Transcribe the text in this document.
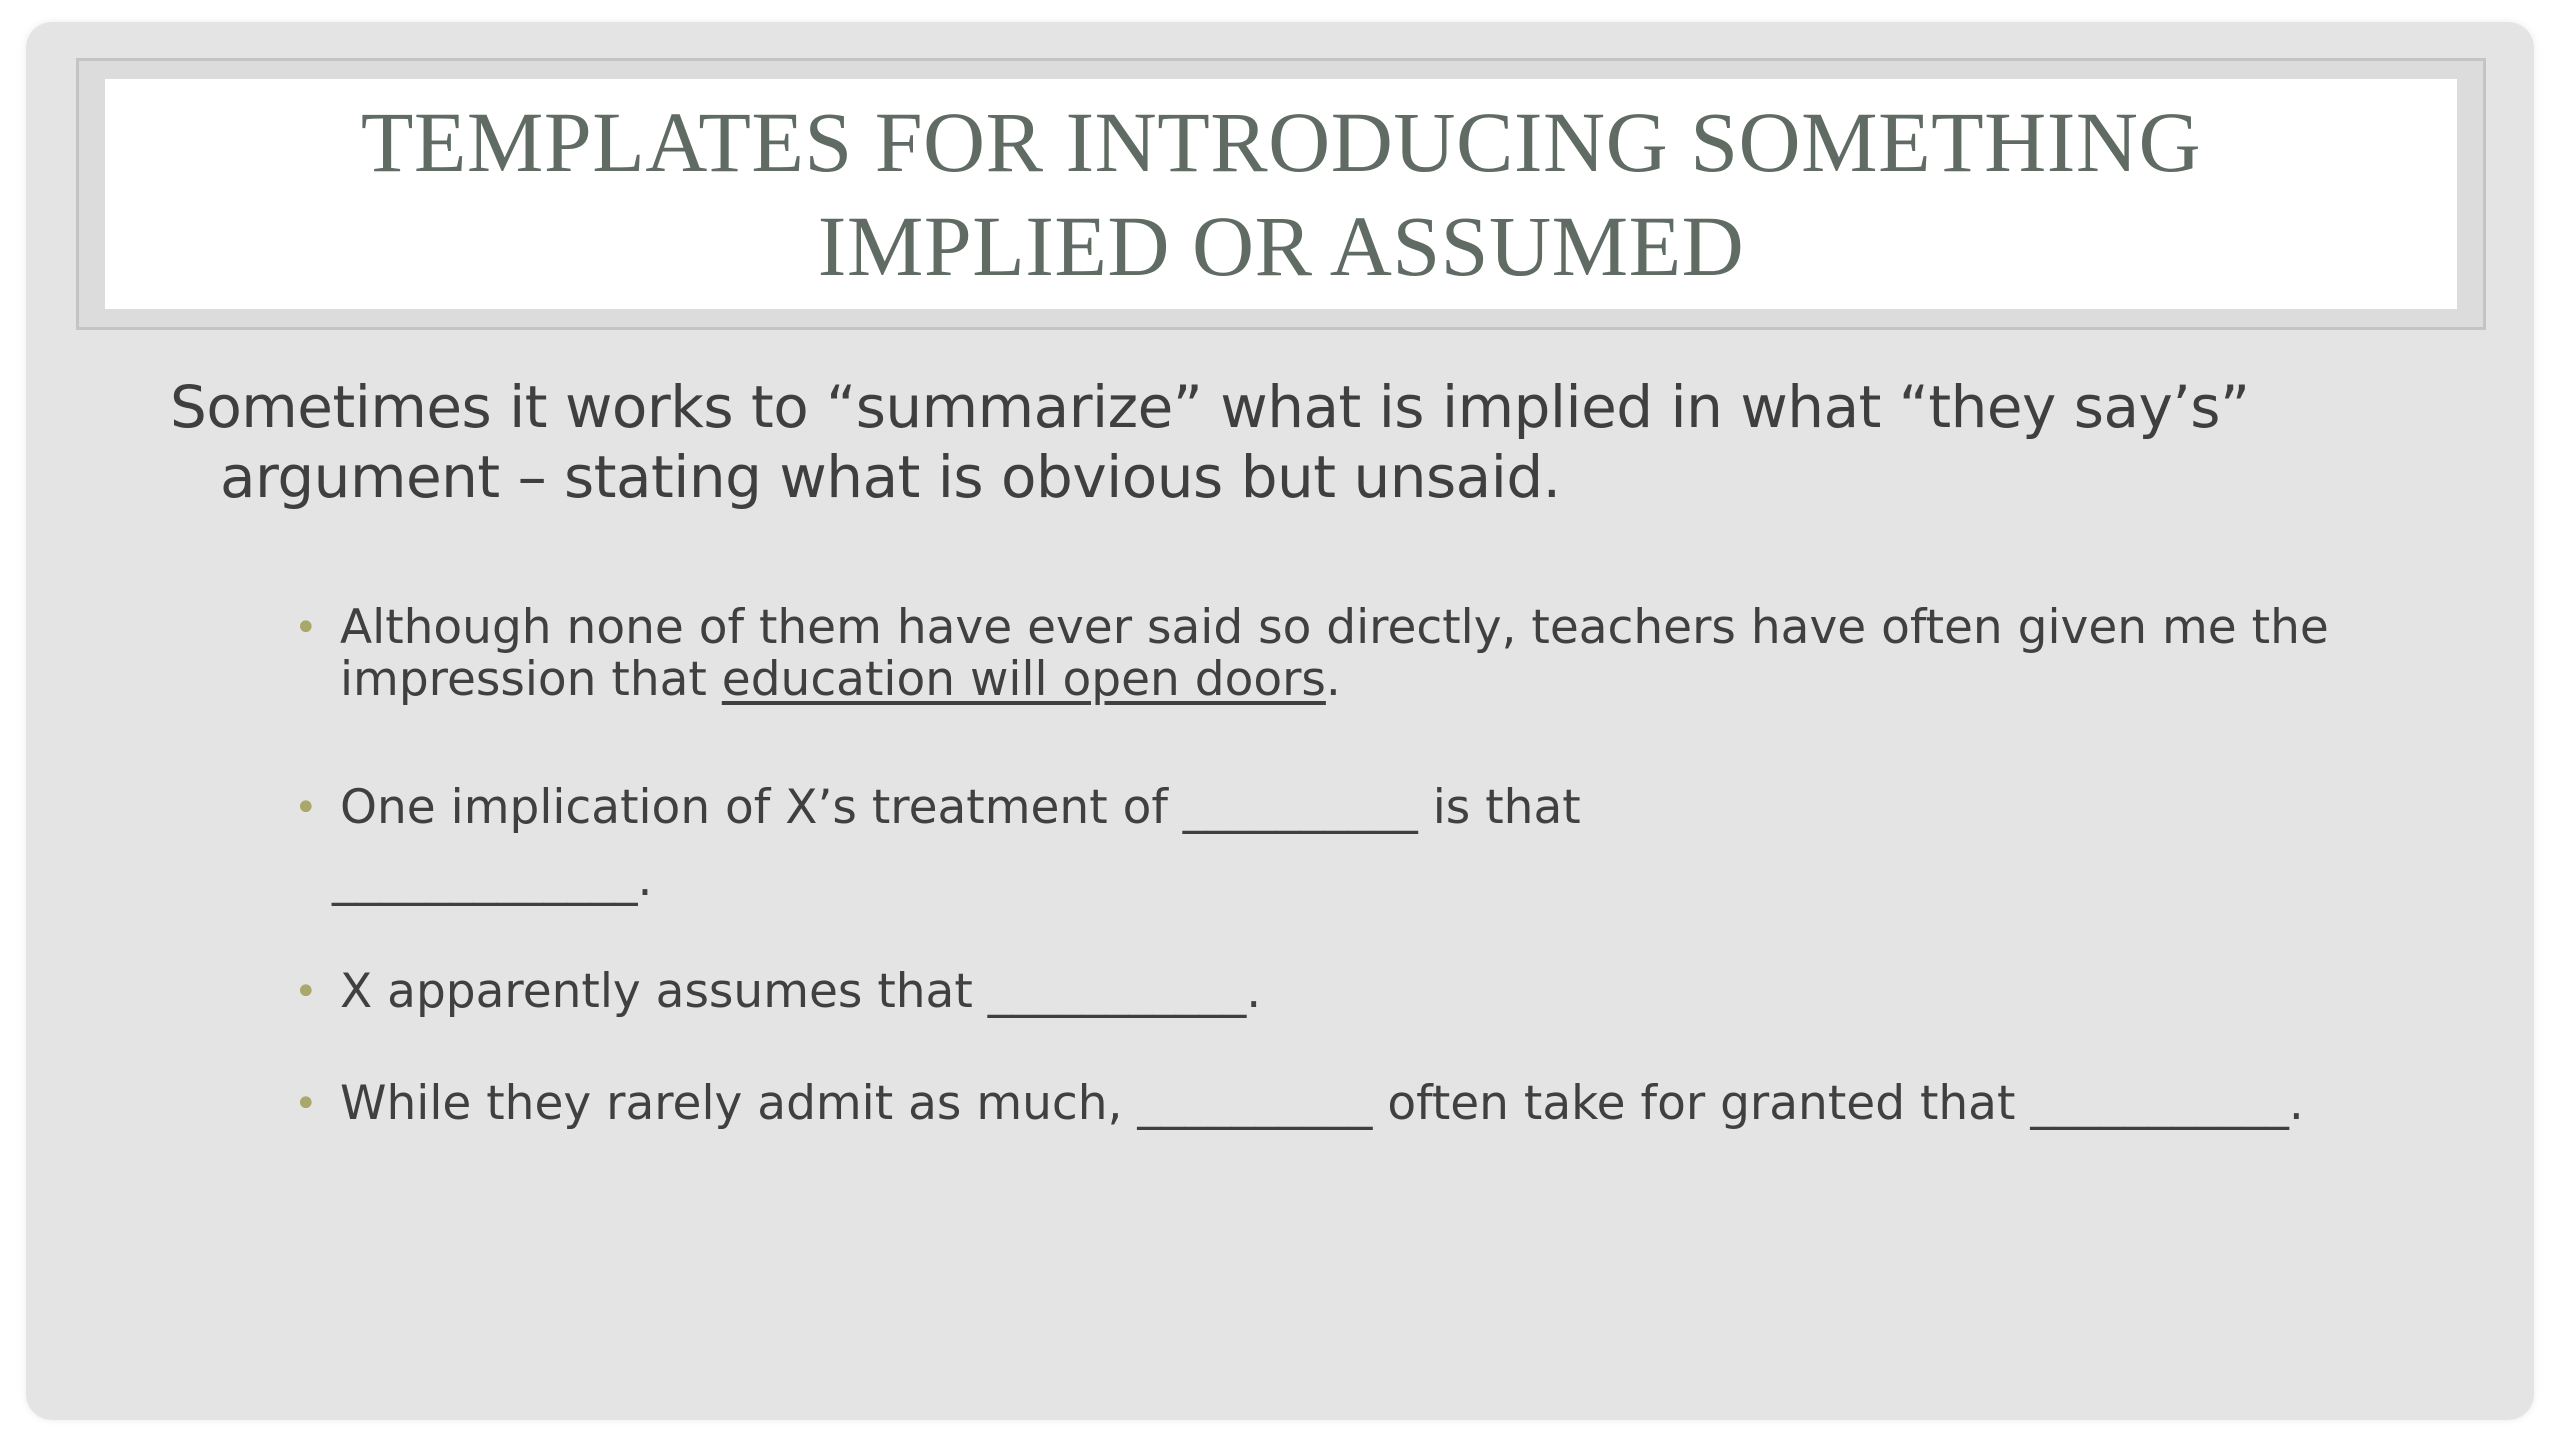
TEMPLATES FOR INTRODUCING SOMETHING
IMPLIED OR ASSUMED
Sometimes it works to “summarize” what is implied in what “they say’s” argument – stating what is obvious but unsaid.
• Although none of them have ever said so directly, teachers have often given me the impression that education will open doors.
• One implication of X’s treatment of __________ is that
_____________.
• X apparently assumes that ___________.
• While they rarely admit as much, __________ often take for granted that ___________.
